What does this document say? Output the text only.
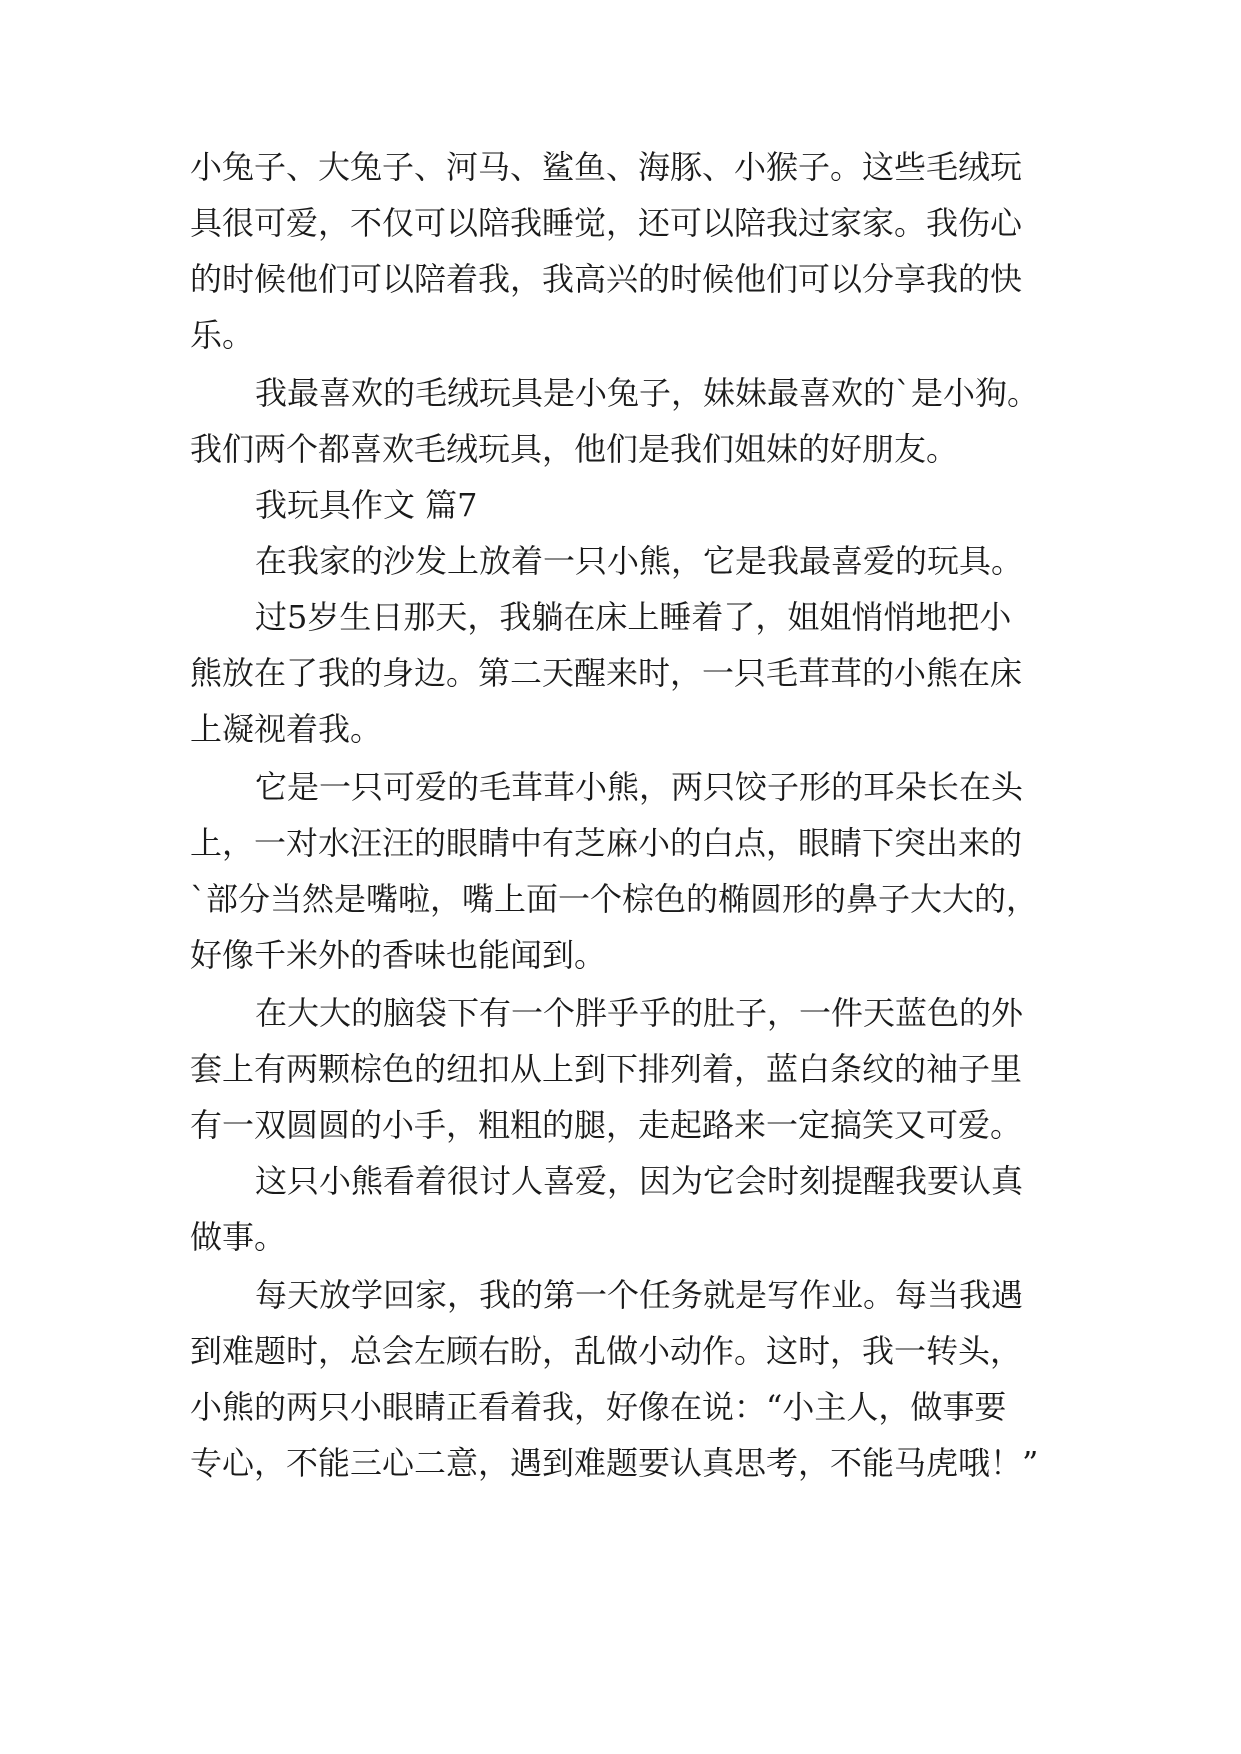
小兔子、大兔子、河马、鲨鱼、海豚、小猴子。这些毛绒玩
具很可爱，不仅可以陪我睡觉，还可以陪我过家家。我伤心
的时候他们可以陪着我，我高兴的时候他们可以分享我的快
乐。
我最喜欢的毛绒玩具是小兔子，妹妹最喜欢的`是小狗。
我们两个都喜欢毛绒玩具，他们是我们姐妹的好朋友。
我玩具作文 篇7
在我家的沙发上放着一只小熊，它是我最喜爱的玩具。
过5岁生日那天，我躺在床上睡着了，姐姐悄悄地把小
熊放在了我的身边。第二天醒来时，一只毛茸茸的小熊在床
上凝视着我。
它是一只可爱的毛茸茸小熊，两只饺子形的耳朵长在头
上，一对水汪汪的眼睛中有芝麻小的白点，眼睛下突出来的
`部分当然是嘴啦，嘴上面一个棕色的椭圆形的鼻子大大的，
好像千米外的香味也能闻到。
在大大的脑袋下有一个胖乎乎的肚子，一件天蓝色的外
套上有两颗棕色的纽扣从上到下排列着，蓝白条纹的袖子里
有一双圆圆的小手，粗粗的腿，走起路来一定搞笑又可爱。
这只小熊看着很讨人喜爱，因为它会时刻提醒我要认真
做事。
每天放学回家，我的第一个任务就是写作业。每当我遇
到难题时，总会左顾右盼，乱做小动作。这时，我一转头，
小熊的两只小眼睛正看着我，好像在说：“小主人，做事要
专心，不能三心二意，遇到难题要认真思考，不能马虎哦！”
